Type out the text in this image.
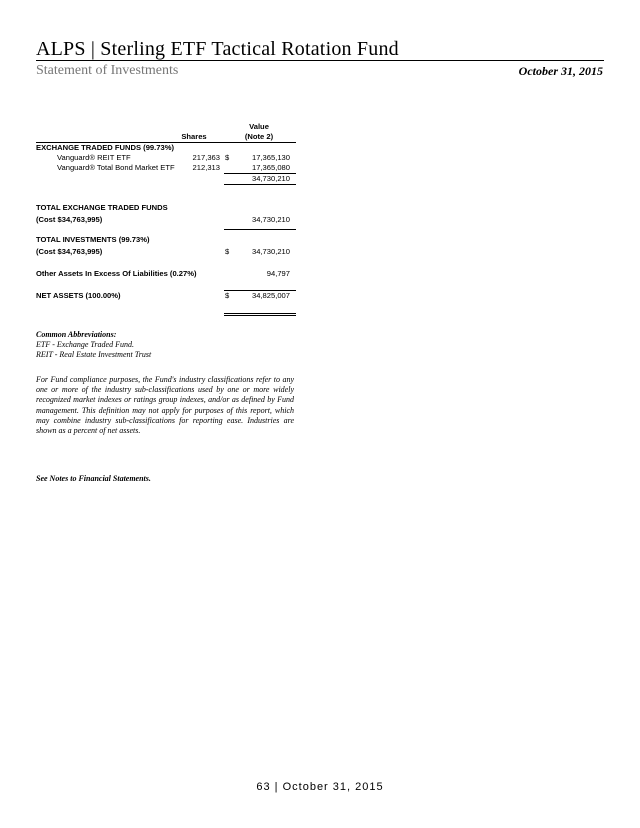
ALPS | Sterling ETF Tactical Rotation Fund
Statement of Investments	October 31, 2015
Value
Shares	(Note 2)
EXCHANGE TRADED FUNDS (99.73%)
Vanguard® REIT ETF	217,363 $	17,365,130
Vanguard® Total Bond Market ETF 212,313	17,365,080
34,730,210
TOTAL EXCHANGE TRADED FUNDS
(Cost $34,763,995)	34,730,210
TOTAL INVESTMENTS (99.73%)
(Cost $34,763,995)	$	34,730,210
Other Assets In Excess Of Liabilities (0.27%)	94,797
NET ASSETS (100.00%)	$	34,825,007
Common Abbreviations:
ETF - Exchange Traded Fund.
REIT - Real Estate Investment Trust
For Fund compliance purposes, the Fund's industry classifications refer to any one or more of the industry sub-classifications used by one or more widely recognized market indexes or ratings group indexes, and/or as defined by Fund management. This definition may not apply for purposes of this report, which may combine industry sub-classifications for reporting ease. Industries are shown as a percent of net assets.
See Notes to Financial Statements.
63 | October 31, 2015
